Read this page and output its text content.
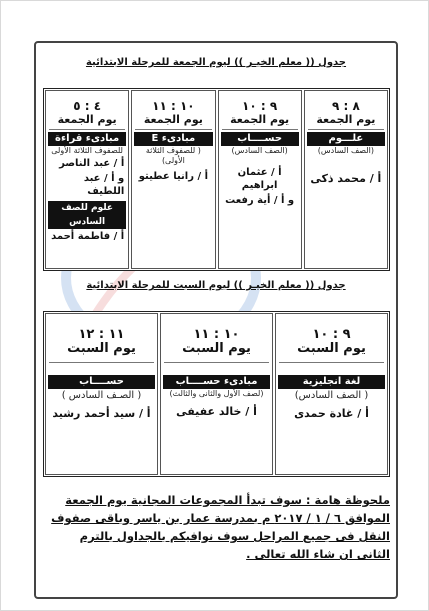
جدول (( معلم الخيـر )) ليوم الجمعة للمرحلة الابتدائية
٨ : ٩
يوم الجمعة
علـــوم
(الصف السادس)
أ / محمد ذكى
٩ : ١٠
يوم الجمعة
حســــاب
(الصف السادس)
أ / عثمان ابراهيم
و أ / أية رفعت
١٠ : ١١
يوم الجمعة
مبادىء E
( للصفوف الثلاثة الأولى)
أ / رانيا عطيتو
٤ : ٥
يوم الجمعة
مبادىء قراءة
للصفوف الثلاثة الأولى
أ / عبد الناصر
و أ / عبد اللطيف
علوم للصف السادس
أ / فاطمة أحمد
جدول (( معلم الخيـر )) ليوم السبت للمرحلة الابتدائية
٩ : ١٠
يوم السبت
لغة انجليزية
( الصف السادس)
أ / غادة حمدى
١٠ : ١١
يوم السبت
مبادىء حســــاب
(لصف الأول والثانى والثالث)
أ / خالد عفيفى
١١ : ١٢
يوم السبت
حســــاب
( الصـف السادس )
أ / سيد أحمد رشيد
ملحوظة هامة : سوف تبدأ المجموعات المجانية يوم الجمعة الموافق ٦ / ١ / ٢٠١٧ م بمدرسة عمار بن ياسر وباقى صفوف النقل فى جميع المراحل سوف نوافيكم بالجداول بالترم الثانى ان شاء الله تعالى .
